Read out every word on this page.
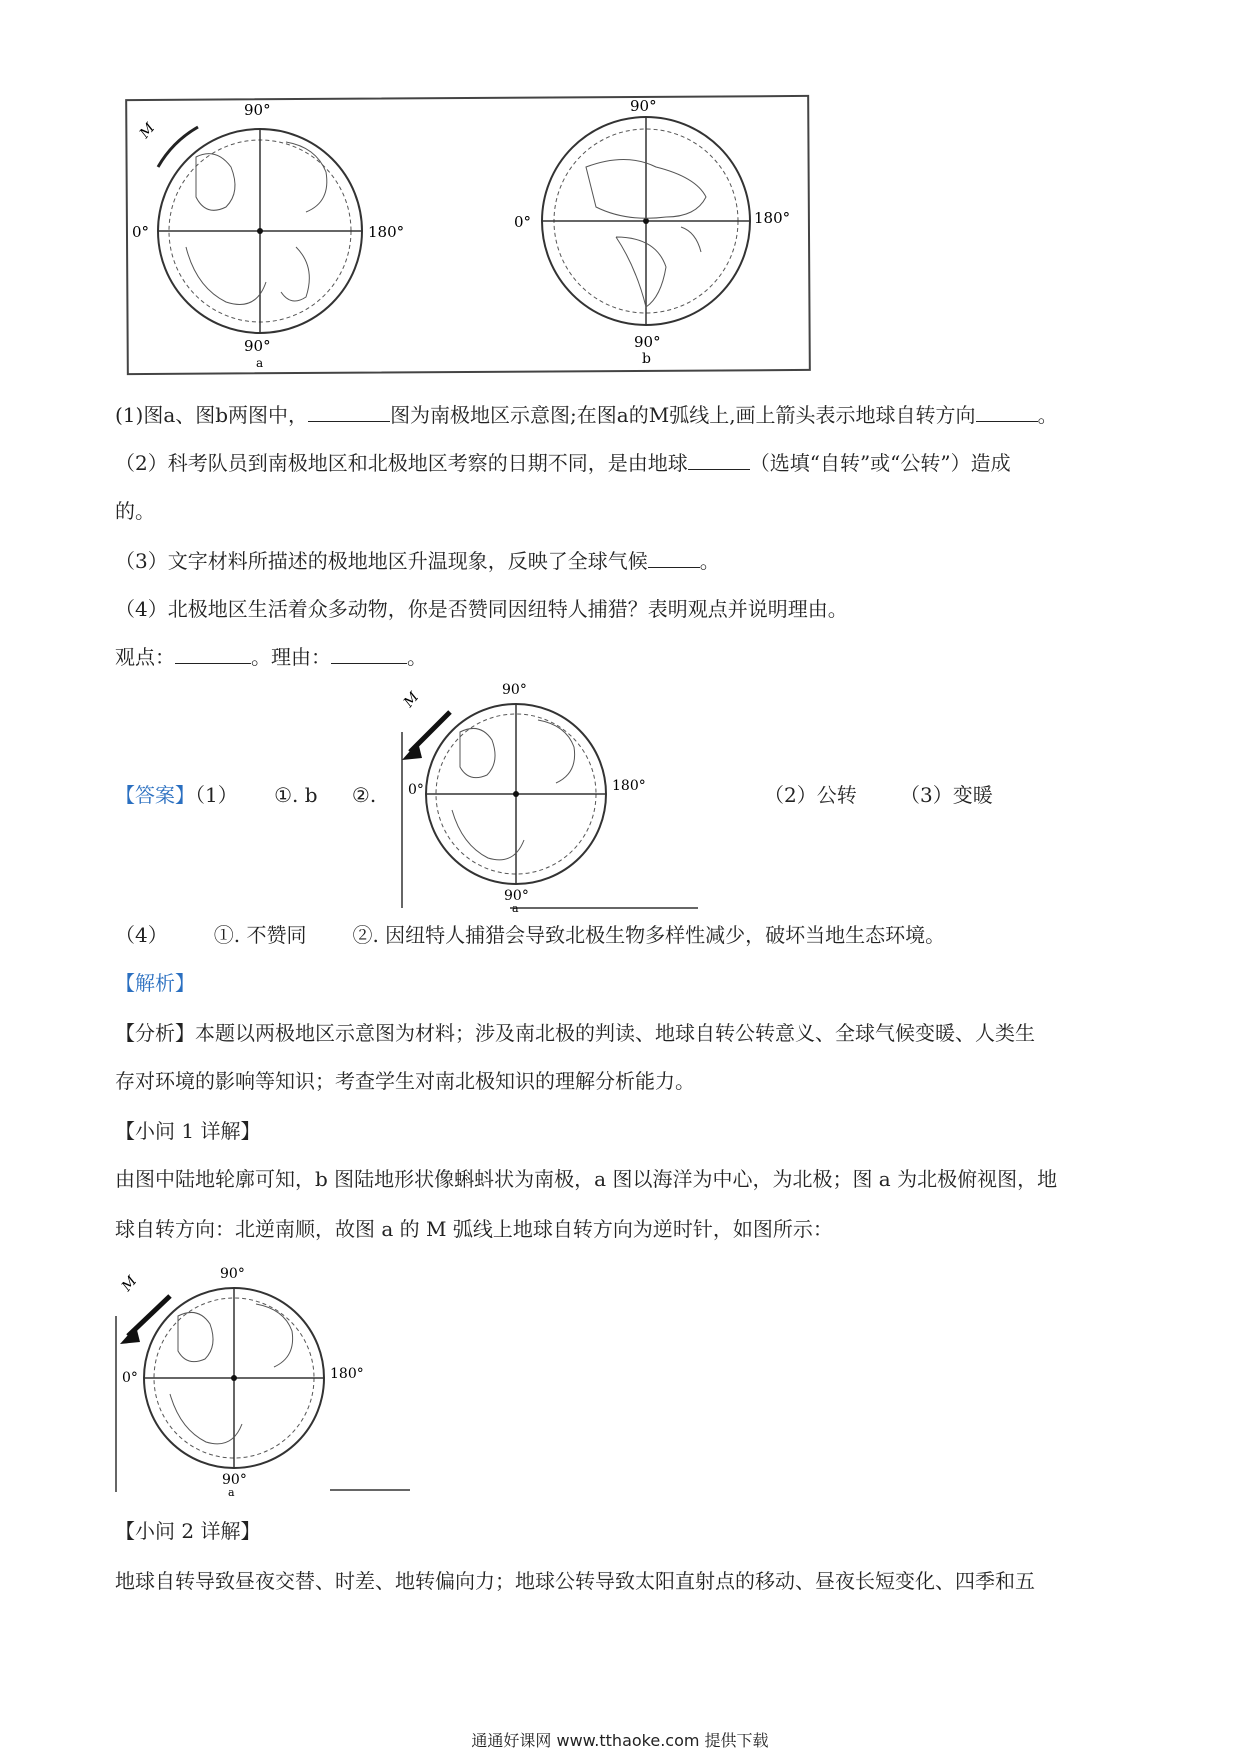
M
90°
90°
0°	180°
a
90°
90°
0°	180°
b
(1)图a、图b两图中，	图为南极地区示意图;在图a的M弧线上,画上箭头表示地球自转方向	。
（2）科考队员到南极地区和北极地区考察的日期不同，是由地球	（选填“自转”或“公转”）造成
的。
（3）文字材料所描述的极地地区升温现象，反映了全球气候	。
（4）北极地区生活着众多动物，你是否赞同因纽特人捕猎？表明观点并说明理由。
观点：	。理由：	。
【答案】（1） ①. b ②.	（2）公转 （3）变暖
M	90°
90°
0°	180°
a
（4） ①. 不赞同 ②. 因纽特人捕猎会导致北极生物多样性减少，破坏当地生态环境。
【解析】
【分析】本题以两极地区示意图为材料；涉及南北极的判读、地球自转公转意义、全球气候变暖、人类生
存对环境的影响等知识；考查学生对南北极知识的理解分析能力。
【小问 1 详解】
由图中陆地轮廓可知，b 图陆地形状像蝌蚪状为南极，a 图以海洋为中心，为北极；图 a 为北极俯视图，地
球自转方向：北逆南顺，故图 a 的 M 弧线上地球自转方向为逆时针，如图所示：
M	90°
90°
0°	180°
a
【小问 2 详解】
地球自转导致昼夜交替、时差、地转偏向力；地球公转导致太阳直射点的移动、昼夜长短变化、四季和五
通通好课网 www.tthaoke.com 提供下载
